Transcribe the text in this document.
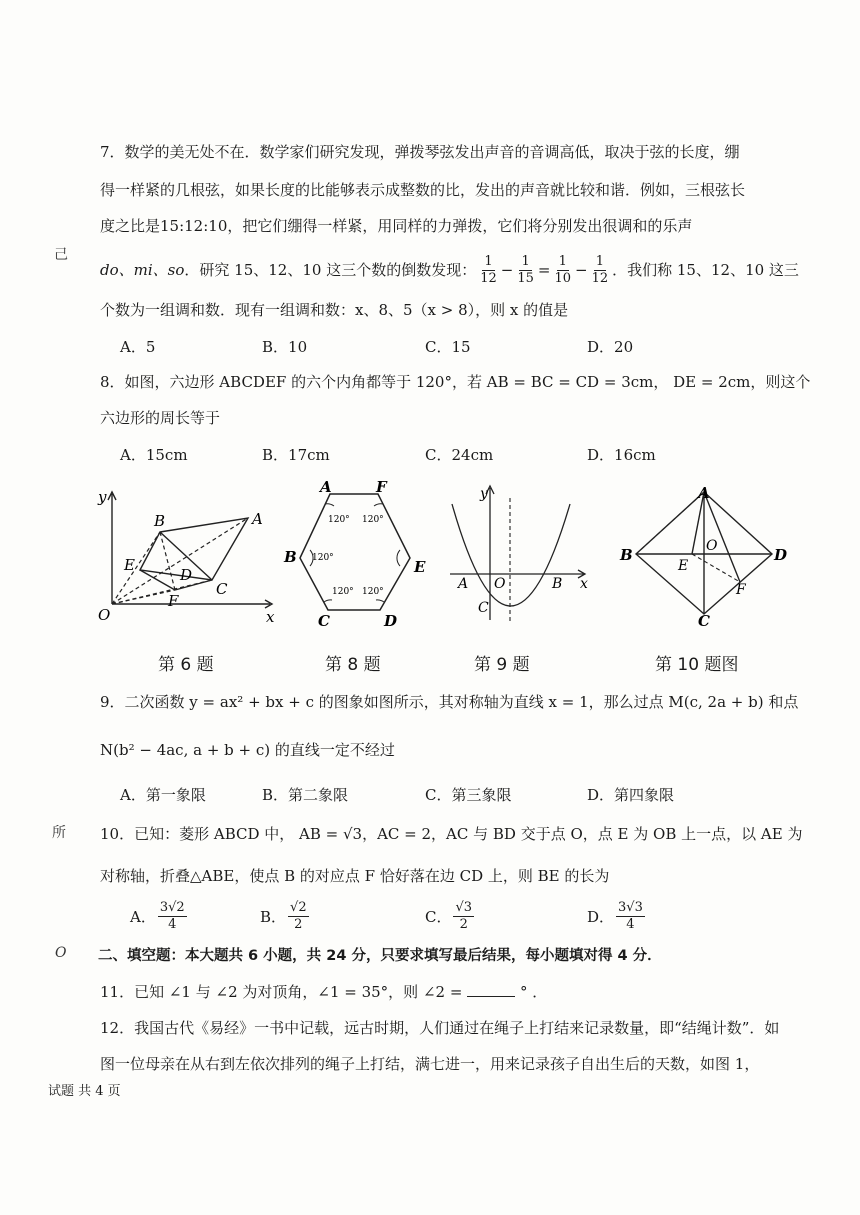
己
所
O
7．数学的美无处不在．数学家们研究发现，弹拨琴弦发出声音的音调高低，取决于弦的长度，绷
得一样紧的几根弦，如果长度的比能够表示成整数的比，发出的声音就比较和谐．例如，三根弦长
度之比是15:12:10，把它们绷得一样紧，用同样的力弹拨，它们将分别发出很调和的乐声
do、mi、so ．研究 15、12、10 这三个数的倒数发现： $\frac{1}{12} - \frac{1}{15} = \frac{1}{10} - \frac{1}{12}$ ．我们称 15、12、10 这三
个数为一组调和数．现有一组调和数：x、8、5（x > 8），则 x 的值是
A．5	B．10	C．15	D．20
8．如图，六边形 ABCDEF 的六个内角都等于 120°，若 AB = BC = CD = 3cm， DE = 2cm，则这个
六边形的周长等于
A．15cm	B．17cm	C．24cm	D．16cm
y
x
O
A
B
C
D
E
F
120° 120°
120°
120° 120°
A	F
B
E
C	D
y
x
A O	B
C
A
B	D
C
O
E
F
第 6 题	第 8 题	第 9 题	第 10 题图
9．二次函数 y = ax² + bx + c 的图象如图所示，其对称轴为直线 x = 1，那么过点 M(c, 2a + b) 和点
N(b² − 4ac, a + b + c) 的直线一定不经过
A．第一象限	B．第二象限	C．第三象限	D．第四象限
10．已知：菱形 ABCD 中， AB = √3，AC = 2，AC 与 BD 交于点 O，点 E 为 OB 上一点，以 AE 为
对称轴，折叠△ABE，使点 B 的对应点 F 恰好落在边 CD 上，则 BE 的长为
A． $\frac{3√2}{4}$	B． $\frac{√2}{2}$	C． $\frac{√3}{2}$	D． $\frac{3√3}{4}$
二、填空题：本大题共 6 小题，共 24 分，只要求填写最后结果，每小题填对得 4 分．
11．已知 ∠1 与 ∠2 为对顶角，∠1 = 35°，则 ∠2 =	° ．
12．我国古代《易经》一书中记载，远古时期，人们通过在绳子上打结来记录数量，即“结绳计数”．如
图一位母亲在从右到左依次排列的绳子上打结，满七进一，用来记录孩子自出生后的天数，如图 1，
试题 共 4 页
